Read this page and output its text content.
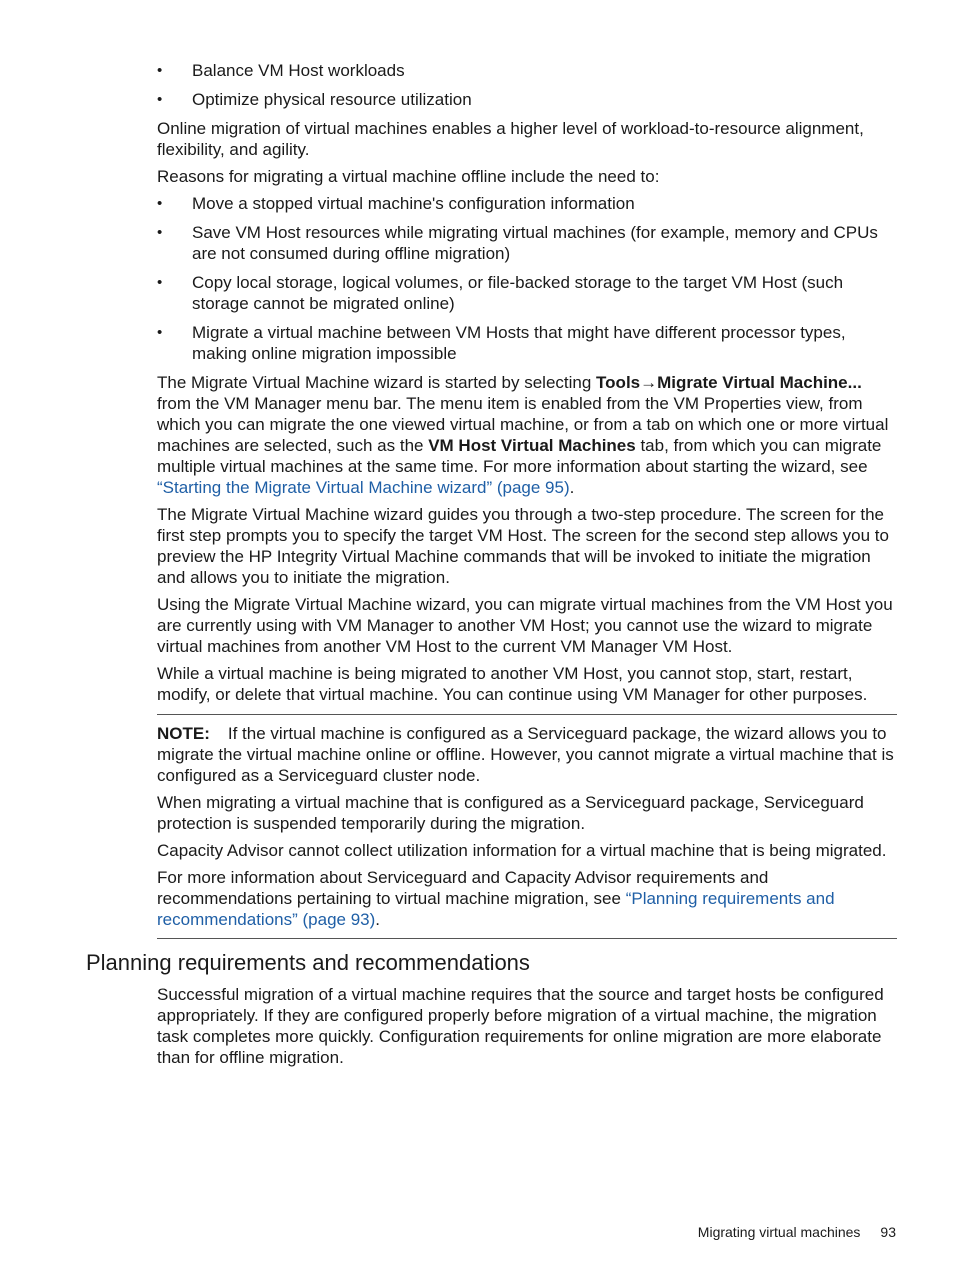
• Balance VM Host workloads
• Optimize physical resource utilization

Online migration of virtual machines enables a higher level of workload-to-resource alignment, flexibility, and agility.

Reasons for migrating a virtual machine offline include the need to:

• Move a stopped virtual machine's configuration information
• Save VM Host resources while migrating virtual machines (for example, memory and CPUs are not consumed during offline migration)
• Copy local storage, logical volumes, or file-backed storage to the target VM Host (such storage cannot be migrated online)
• Migrate a virtual machine between VM Hosts that might have different processor types, making online migration impossible

The Migrate Virtual Machine wizard is started by selecting Tools→Migrate Virtual Machine... from the VM Manager menu bar. The menu item is enabled from the VM Properties view, from which you can migrate the one viewed virtual machine, or from a tab on which one or more virtual machines are selected, such as the VM Host Virtual Machines tab, from which you can migrate multiple virtual machines at the same time. For more information about starting the wizard, see “Starting the Migrate Virtual Machine wizard” (page 95).

The Migrate Virtual Machine wizard guides you through a two-step procedure. The screen for the first step prompts you to specify the target VM Host. The screen for the second step allows you to preview the HP Integrity Virtual Machine commands that will be invoked to initiate the migration and allows you to initiate the migration.

Using the Migrate Virtual Machine wizard, you can migrate virtual machines from the VM Host you are currently using with VM Manager to another VM Host; you cannot use the wizard to migrate virtual machines from another VM Host to the current VM Manager VM Host.

While a virtual machine is being migrated to another VM Host, you cannot stop, start, restart, modify, or delete that virtual machine. You can continue using VM Manager for other purposes.

NOTE: If the virtual machine is configured as a Serviceguard package, the wizard allows you to migrate the virtual machine online or offline. However, you cannot migrate a virtual machine that is configured as a Serviceguard cluster node.

When migrating a virtual machine that is configured as a Serviceguard package, Serviceguard protection is suspended temporarily during the migration.

Capacity Advisor cannot collect utilization information for a virtual machine that is being migrated.

For more information about Serviceguard and Capacity Advisor requirements and recommendations pertaining to virtual machine migration, see “Planning requirements and recommendations” (page 93).

Planning requirements and recommendations

Successful migration of a virtual machine requires that the source and target hosts be configured appropriately. If they are configured properly before migration of a virtual machine, the migration task completes more quickly. Configuration requirements for online migration are more elaborate than for offline migration.

Migrating virtual machines 93
